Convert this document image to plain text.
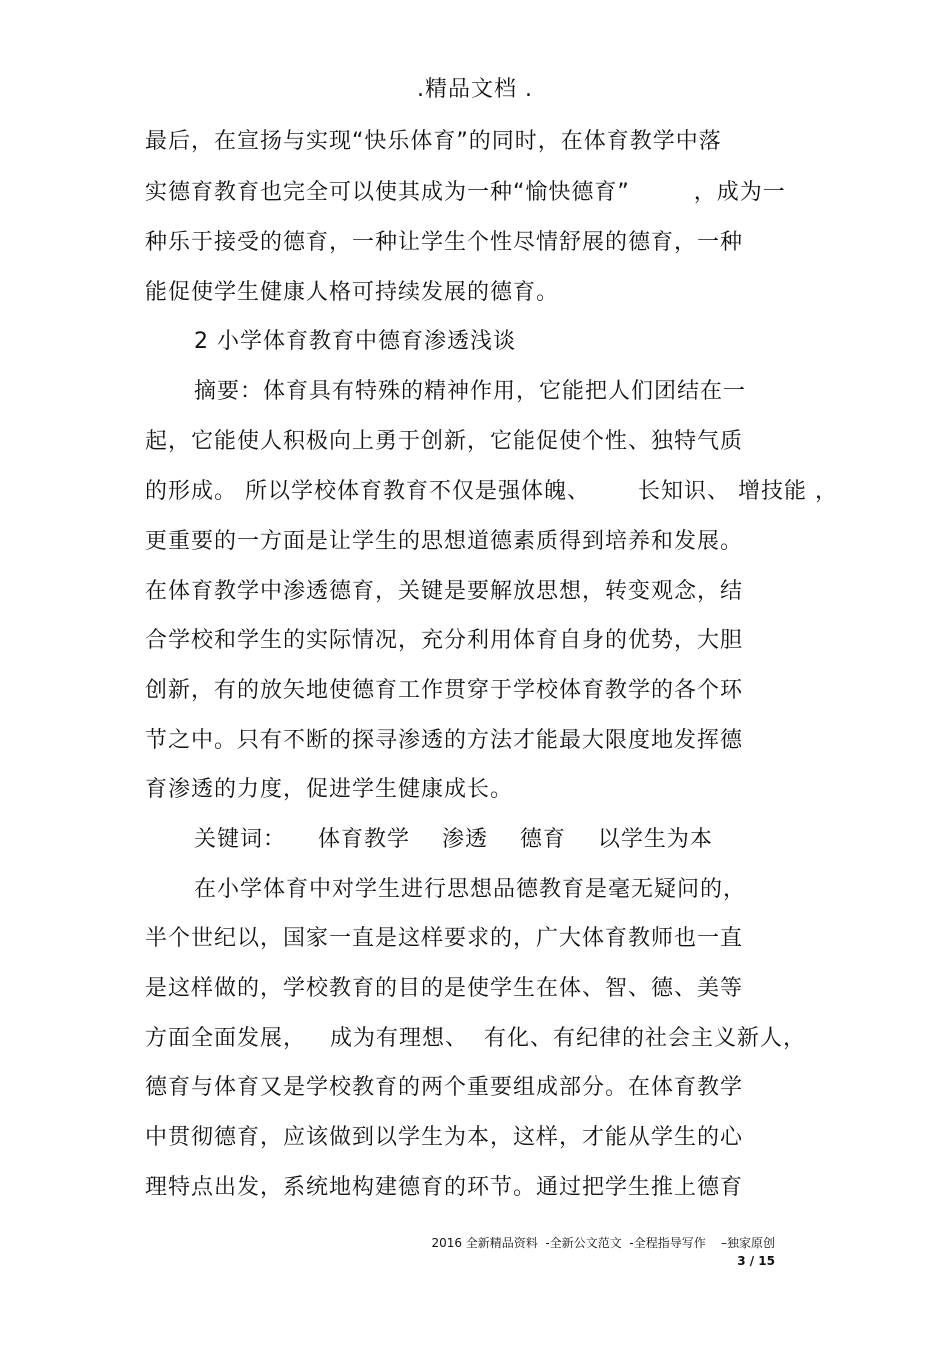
.精品文档 .
最后，在宣扬与实现“快乐体育”的同时，在体育教学中落
实德育教育也完全可以使其成为一种“愉快德育”        ，成为一
种乐于接受的德育，一种让学生个性尽情舒展的德育，一种
能促使学生健康人格可持续发展的德育。
2 小学体育教育中德育渗透浅谈
摘要：体育具有特殊的精神作用，它能把人们团结在一
起，它能使人积极向上勇于创新，它能促使个性、独特气质
的形成。 所以学校体育教育不仅是强体魄、      长知识、 增技能 ，
更重要的一方面是让学生的思想道德素质得到培养和发展。
在体育教学中渗透德育，关键是要解放思想，转变观念，结
合学校和学生的实际情况，充分利用体育自身的优势，大胆
创新，有的放矢地使德育工作贯穿于学校体育教学的各个环
节之中。只有不断的探寻渗透的方法才能最大限度地发挥德
育渗透的力度，促进学生健康成长。
关键词：    体育教学    渗透    德育    以学生为本
在小学体育中对学生进行思想品德教育是毫无疑问的，
半个世纪以，国家一直是这样要求的，广大体育教师也一直
是这样做的，学校教育的目的是使学生在体、智、德、美等
方面全面发展，   成为有理想、  有化、有纪律的社会主义新人，
德育与体育又是学校教育的两个重要组成部分。在体育教学
中贯彻德育，应该做到以学生为本，这样，才能从学生的心
理特点出发，系统地构建德育的环节。通过把学生推上德育
2016 全新精品资料  -全新公文范文  -全程指导写作    –独家原创
3 / 15
